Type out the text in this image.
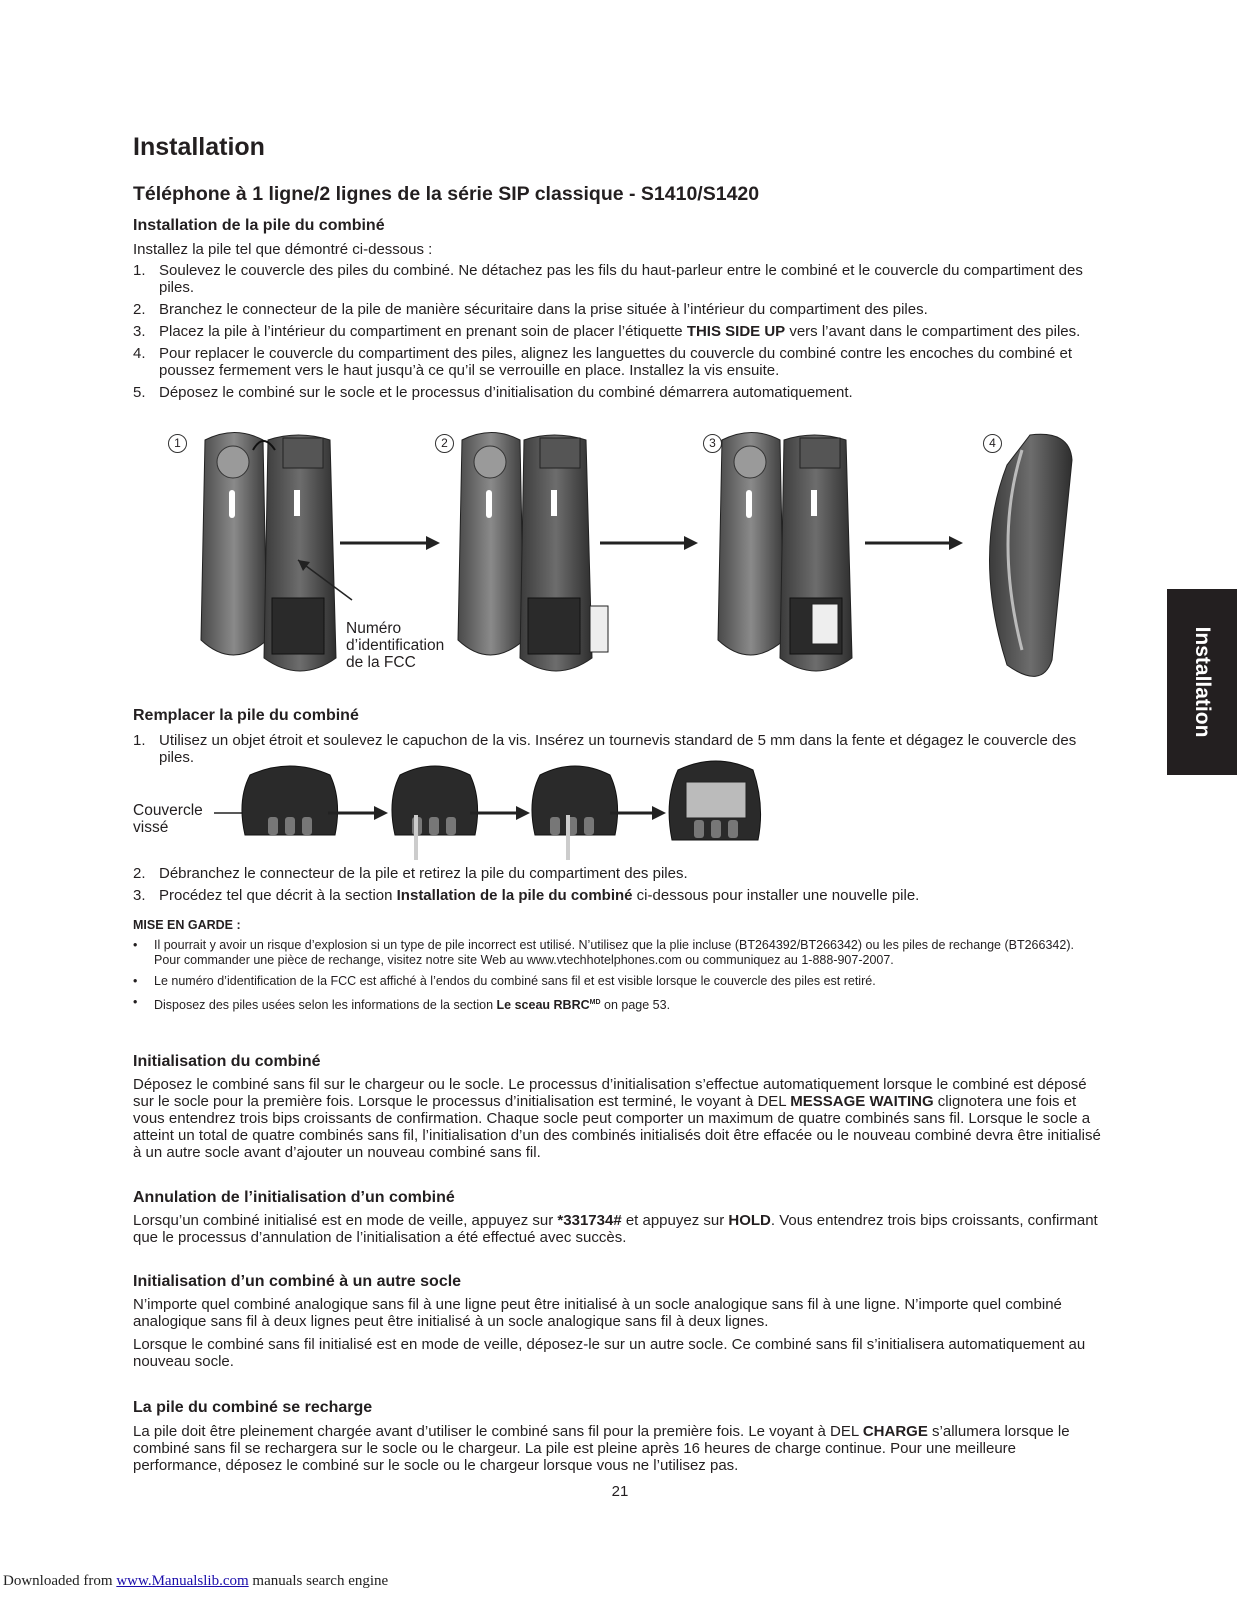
Installation
Téléphone à 1 ligne/2 lignes de la série SIP classique - S1410/S1420
Installation
Installation de la pile du combiné
Installez la pile tel que démontré ci-dessous :
1. Soulevez le couvercle des piles du combiné. Ne détachez pas les fils du haut-parleur entre le combiné et le couvercle du compartiment des piles.
2. Branchez le connecteur de la pile de manière sécuritaire dans la prise située à l’intérieur du compartiment des piles.
3. Placez la pile à l’intérieur du compartiment en prenant soin de placer l’étiquette THIS SIDE UP vers l’avant dans le compartiment des piles.
4. Pour replacer le couvercle du compartiment des piles, alignez les languettes du couvercle du combiné contre les encoches du combiné et poussez fermement vers le haut jusqu’à ce qu’il se verrouille en place. Installez la vis ensuite.
5. Déposez le combiné sur le socle et le processus d’initialisation du combiné démarrera automatiquement.
1	2	3	4
Numéro
d’identification
de la FCC
Remplacer la pile du combiné
1. Utilisez un objet étroit et soulevez le capuchon de la vis. Insérez un tournevis standard de 5 mm dans la fente et dégagez le couvercle des piles.
Couvercle
vissé
2. Débranchez le connecteur de la pile et retirez la pile du compartiment des piles.
3. Procédez tel que décrit à la section Installation de la pile du combiné ci-dessous pour installer une nouvelle pile.
MISE EN GARDE :
•	Il pourrait y avoir un risque d’explosion si un type de pile incorrect est utilisé. N’utilisez que la plie incluse (BT264392/BT266342) ou les piles de rechange (BT266342). Pour commander une pièce de rechange, visitez notre site Web au www.vtechhotelphones.com ou communiquez au 1-888-907-2007.
•	Le numéro d’identification de la FCC est affiché à l’endos du combiné sans fil et est visible lorsque le couvercle des piles est retiré.
•	Disposez des piles usées selon les informations de la section Le sceau $RBRC^{MD}$ on page 53.
Initialisation du combiné
Déposez le combiné sans fil sur le chargeur ou le socle. Le processus d’initialisation s’effectue automatiquement lorsque le combiné est déposé sur le socle pour la première fois. Lorsque le processus d’initialisation est terminé, le voyant à DEL MESSAGE WAITING clignotera une fois et vous entendrez trois bips croissants de confirmation. Chaque socle peut comporter un maximum de quatre combinés sans fil. Lorsque le socle a atteint un total de quatre combinés sans fil, l’initialisation d’un des combinés initialisés doit être effacée ou le nouveau combiné devra être initialisé à un autre socle avant d’ajouter un nouveau combiné sans fil.
Annulation de l’initialisation d’un combiné
Lorsqu’un combiné initialisé est en mode de veille, appuyez sur *331734# et appuyez sur HOLD. Vous entendrez trois bips croissants, confirmant que le processus d’annulation de l’initialisation a été effectué avec succès.
Initialisation d’un combiné à un autre socle
N’importe quel combiné analogique sans fil à une ligne peut être initialisé à un socle analogique sans fil à une ligne. N’importe quel combiné analogique sans fil à deux lignes peut être initialisé à un socle analogique sans fil à deux lignes.
Lorsque le combiné sans fil initialisé est en mode de veille, déposez-le sur un autre socle. Ce combiné sans fil s’initialisera automatiquement au nouveau socle.
La pile du combiné se recharge
La pile doit être pleinement chargée avant d’utiliser le combiné sans fil pour la première fois. Le voyant à DEL CHARGE s’allumera lorsque le combiné sans fil se rechargera sur le socle ou le chargeur. La pile est pleine après 16 heures de charge continue. Pour une meilleure performance, déposez le combiné sur le socle ou le chargeur lorsque vous ne l’utilisez pas.
21
Downloaded from www.Manualslib.com manuals search engine
